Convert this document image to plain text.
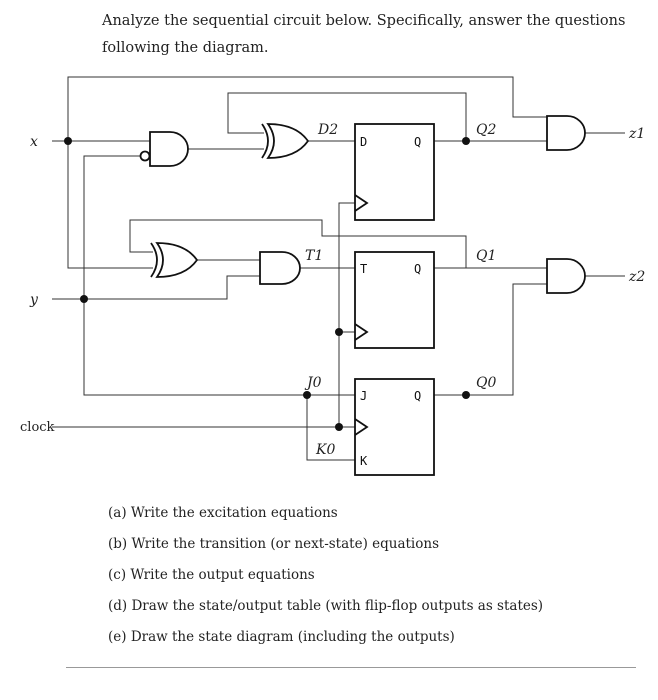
Analyze the sequential circuit below. Specifically, answer the questions following the diagram.

D	Q
T	Q
J	Q
K
x
y
clock
D2
T1
J0
K0
Q2
Q1
Q0
z1
z2
(a) Write the excitation equations
(b) Write the transition (or next-state) equations
(c) Write the output equations
(d) Draw the state/output table (with flip-flop outputs as states)
(e) Draw the state diagram (including the outputs)
